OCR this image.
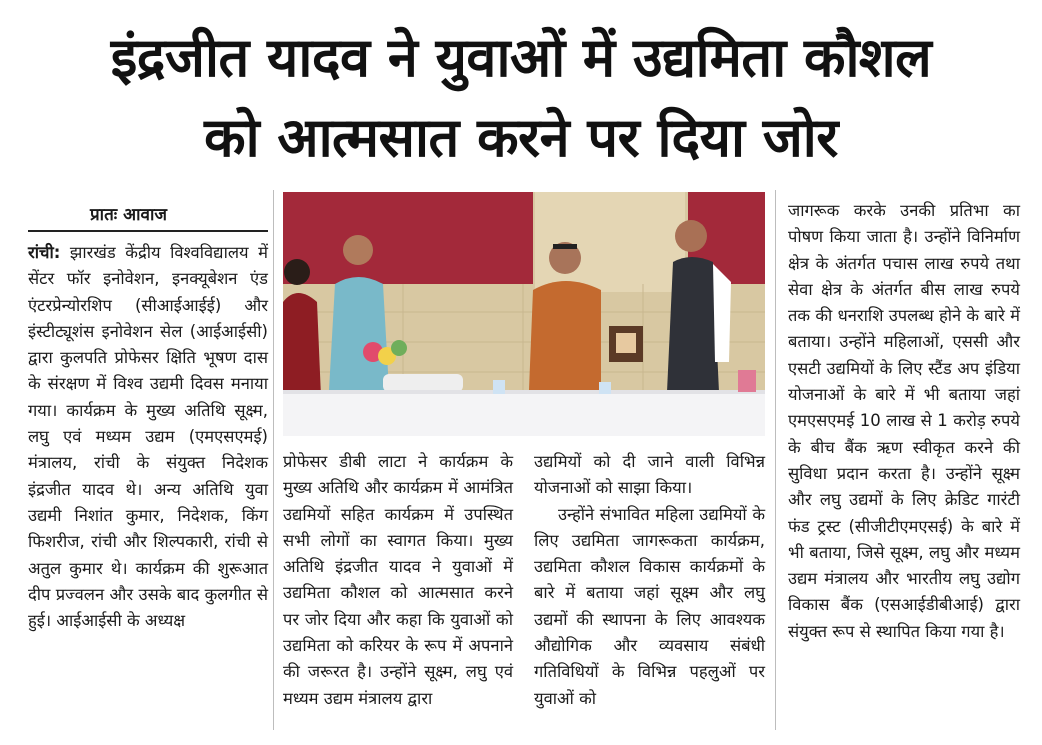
इंद्रजीत यादव ने युवाओं में उद्यमिता कौशल
को आत्मसात करने पर दिया जोर
प्रातः आवाज

रांची: झारखंड केंद्रीय विश्वविद्यालय में सेंटर फॉर इनोवेशन, इनक्यूबेशन एंड एंटरप्रेन्योरशिप (सीआईआईई) और इंस्टीट्यूशंस इनोवेशन सेल (आईआईसी) द्वारा कुलपति प्रोफेसर क्षिति भूषण दास के संरक्षण में विश्व उद्यमी दिवस मनाया गया। कार्यक्रम के मुख्य अतिथि सूक्ष्म, लघु एवं मध्यम उद्यम (एमएसएमई) मंत्रालय, रांची के संयुक्त निदेशक इंद्रजीत यादव थे। अन्य अतिथि युवा उद्यमी निशांत कुमार, निदेशक, किंग फिशरीज, रांची और शिल्पकारी, रांची से अतुल कुमार थे। कार्यक्रम की शुरूआत दीप प्रज्वलन और उसके बाद कुलगीत से हुई। आईआईसी के अध्यक्ष

प्रोफेसर डीबी लाटा ने कार्यक्रम के मुख्य अतिथि और कार्यक्रम में आमंत्रित उद्यमियों सहित कार्यक्रम में उपस्थित सभी लोगों का स्वागत किया। मुख्य अतिथि इंद्रजीत यादव ने युवाओं में उद्यमिता कौशल को आत्मसात करने पर जोर दिया और कहा कि युवाओं को उद्यमिता को करियर के रूप में अपनाने की जरूरत है। उन्होंने सूक्ष्म, लघु एवं मध्यम उद्यम मंत्रालय द्वारा

उद्यमियों को दी जाने वाली विभिन्न योजनाओं को साझा किया।

उन्होंने संभावित महिला उद्यमियों के लिए उद्यमिता जागरूकता कार्यक्रम, उद्यमिता कौशल विकास कार्यक्रमों के बारे में बताया जहां सूक्ष्म और लघु उद्यमों की स्थापना के लिए आवश्यक औद्योगिक और व्यवसाय संबंधी गतिविधियों के विभिन्न पहलुओं पर युवाओं को

जागरूक करके उनकी प्रतिभा का पोषण किया जाता है। उन्होंने विनिर्माण क्षेत्र के अंतर्गत पचास लाख रुपये तथा सेवा क्षेत्र के अंतर्गत बीस लाख रुपये तक की धनराशि उपलब्ध होने के बारे में बताया। उन्होंने महिलाओं, एससी और एसटी उद्यमियों के लिए स्टैंड अप इंडिया योजनाओं के बारे में भी बताया जहां एमएसएमई 10 लाख से 1 करोड़ रुपये के बीच बैंक ऋण स्वीकृत करने की सुविधा प्रदान करता है। उन्होंने सूक्ष्म और लघु उद्यमों के लिए क्रेडिट गारंटी फंड ट्रस्ट (सीजीटीएमएसई) के बारे में भी बताया, जिसे सूक्ष्म, लघु और मध्यम उद्यम मंत्रालय और भारतीय लघु उद्योग विकास बैंक (एसआईडीबीआई) द्वारा संयुक्त रूप से स्थापित किया गया है।
